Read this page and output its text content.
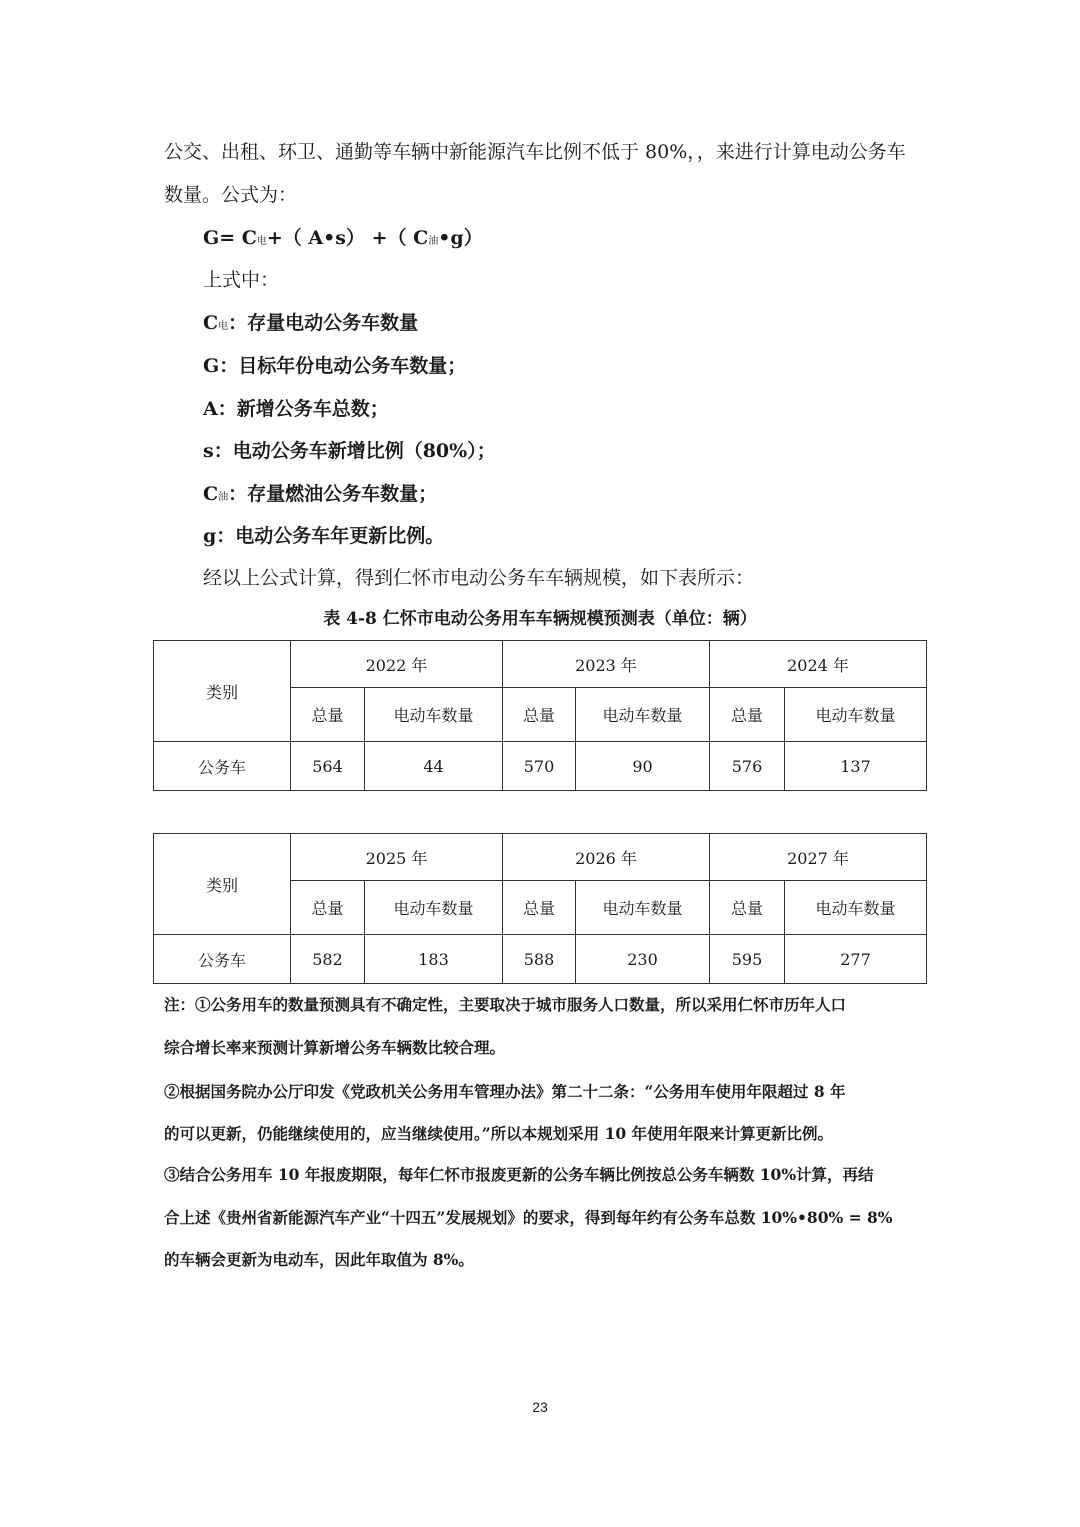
公交、出租、环卫、通勤等车辆中新能源汽车比例不低于 80%，，来进行计算电动公务车
数量。公式为：
G= C电+（ A•s） +（ C油•g）
上式中：
C电：存量电动公务车数量
G：目标年份电动公务车数量；
A：新增公务车总数；
s：电动公务车新增比例（80%）；
C油：存量燃油公务车数量；
g：电动公务车年更新比例。
经以上公式计算，得到仁怀市电动公务车车辆规模，如下表所示：
表 4-8 仁怀市电动公务用车车辆规模预测表（单位：辆）
类别	2022 年		2023 年		2024 年	
	总量	电动车数量	总量	电动车数量	总量	电动车数量
公务车	564	44	570	90	576	137
类别	2025 年		2026 年		2027 年	
	总量	电动车数量	总量	电动车数量	总量	电动车数量
公务车	582	183	588	230	595	277
注：①公务用车的数量预测具有不确定性，主要取决于城市服务人口数量，所以采用仁怀市历年人口
综合增长率来预测计算新增公务车辆数比较合理。
②根据国务院办公厅印发《党政机关公务用车管理办法》第二十二条：“公务用车使用年限超过 8 年
的可以更新，仍能继续使用的，应当继续使用。”所以本规划采用 10 年使用年限来计算更新比例。
③结合公务用车 10 年报废期限，每年仁怀市报废更新的公务车辆比例按总公务车辆数 10%计算，再结
合上述《贵州省新能源汽车产业“十四五”发展规划》的要求，得到每年约有公务车总数 10%•80% = 8%
的车辆会更新为电动车，因此年取值为 8%。
23
